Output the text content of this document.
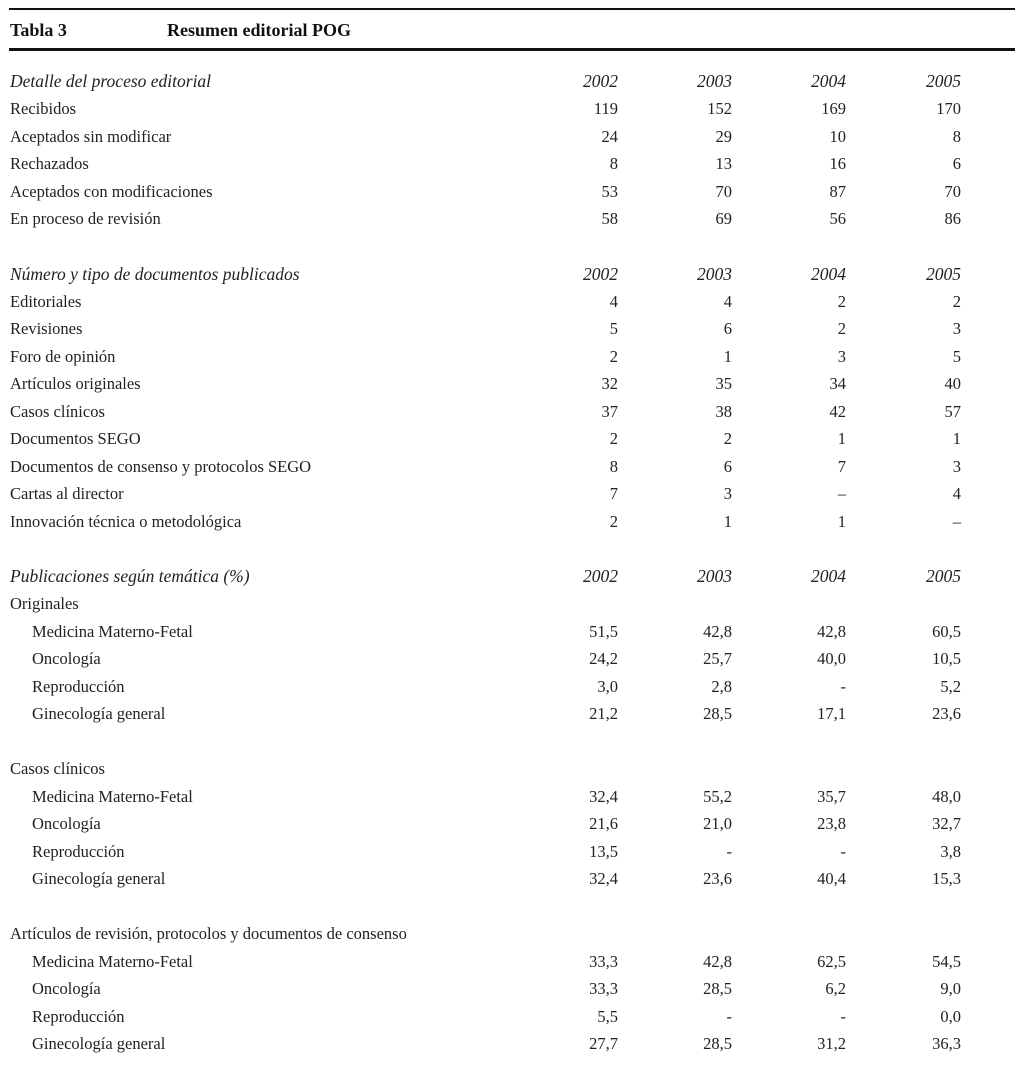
Tabla 3	Resumen editorial POG
Detalle del proceso editorial	2002	2003	2004	2005
Recibidos	119	152	169	170
Aceptados sin modificar	24	29	10	8
Rechazados	8	13	16	6
Aceptados con modificaciones	53	70	87	70
En proceso de revisión	58	69	56	86
Número y tipo de documentos publicados	2002	2003	2004	2005
Editoriales	4	4	2	2
Revisiones	5	6	2	3
Foro de opinión	2	1	3	5
Artículos originales	32	35	34	40
Casos clínicos	37	38	42	57
Documentos SEGO	2	2	1	1
Documentos de consenso y protocolos SEGO	8	6	7	3
Cartas al director	7	3	–	4
Innovación técnica o metodológica	2	1	1	–
Publicaciones según temática (%)	2002	2003	2004	2005
Originales
Medicina Materno-Fetal	51,5	42,8	42,8	60,5
Oncología	24,2	25,7	40,0	10,5
Reproducción	3,0	2,8	-	5,2
Ginecología general	21,2	28,5	17,1	23,6
Casos clínicos
Medicina Materno-Fetal	32,4	55,2	35,7	48,0
Oncología	21,6	21,0	23,8	32,7
Reproducción	13,5	-	-	3,8
Ginecología general	32,4	23,6	40,4	15,3
Artículos de revisión, protocolos y documentos de consenso
Medicina Materno-Fetal	33,3	42,8	62,5	54,5
Oncología	33,3	28,5	6,2	9,0
Reproducción	5,5	-	-	0,0
Ginecología general	27,7	28,5	31,2	36,3
